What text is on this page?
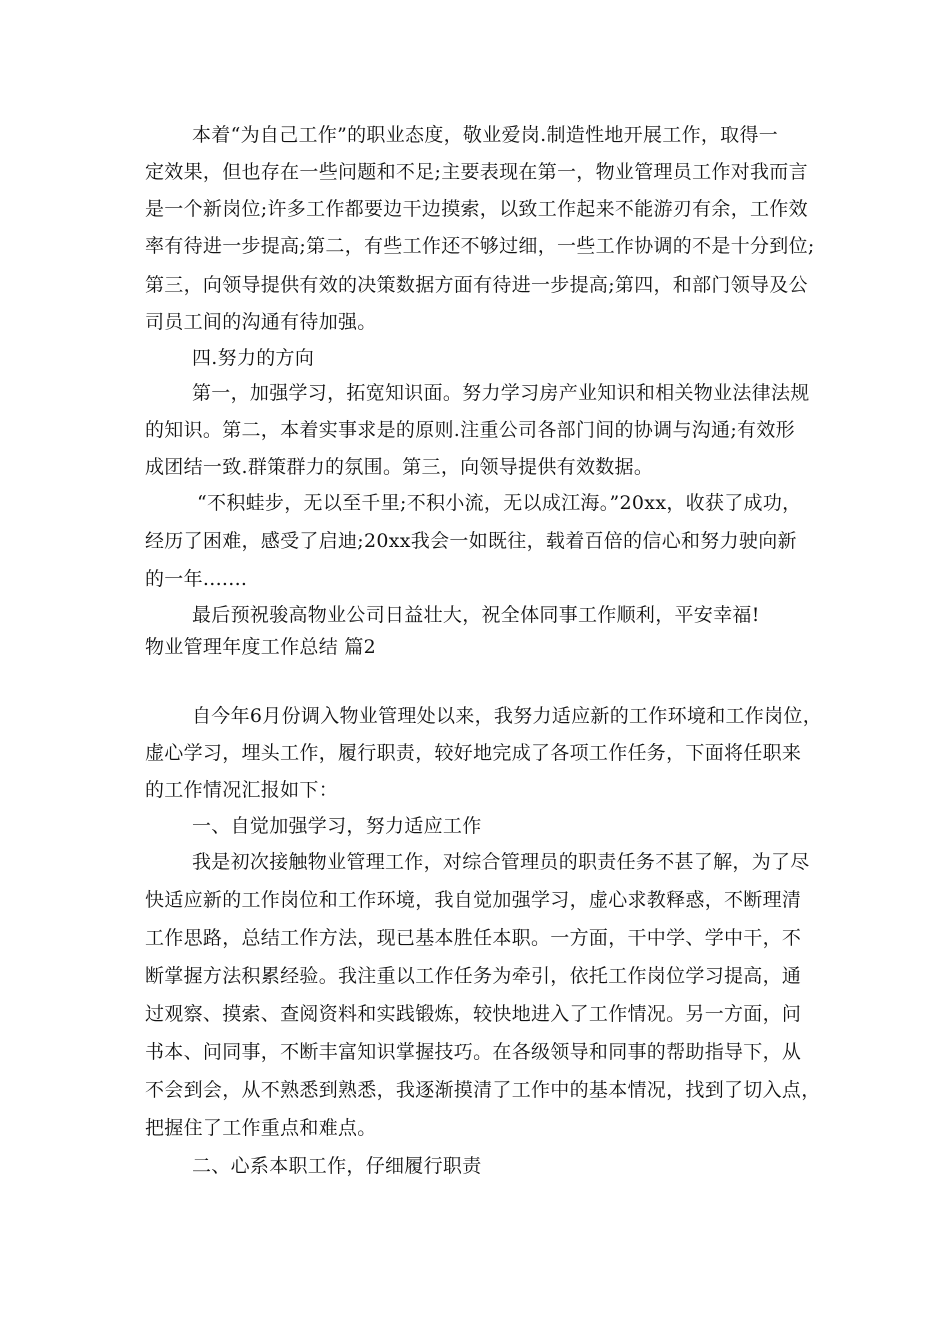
本着“为自己工作”的职业态度，敬业爱岗.制造性地开展工作，取得一
定效果，但也存在一些问题和不足;主要表现在第一，物业管理员工作对我而言
是一个新岗位;许多工作都要边干边摸索，以致工作起来不能游刃有余，工作效
率有待进一步提高;第二，有些工作还不够过细，一些工作协调的不是十分到位;
第三，向领导提供有效的决策数据方面有待进一步提高;第四，和部门领导及公
司员工间的沟通有待加强。
四.努力的方向
第一，加强学习，拓宽知识面。努力学习房产业知识和相关物业法律法规
的知识。第二，本着实事求是的原则.注重公司各部门间的协调与沟通;有效形
成团结一致.群策群力的氛围。第三，向领导提供有效数据。
“不积蛙步，无以至千里;不积小流，无以成江海。”20xx，收获了成功，
经历了困难，感受了启迪;20xx我会一如既往，载着百倍的信心和努力驶向新
的一年.......
最后预祝骏高物业公司日益壮大，祝全体同事工作顺利，平安幸福!
物业管理年度工作总结 篇2
自今年6月份调入物业管理处以来，我努力适应新的工作环境和工作岗位，
虚心学习，埋头工作，履行职责，较好地完成了各项工作任务，下面将任职来
的工作情况汇报如下：
一、自觉加强学习，努力适应工作
我是初次接触物业管理工作，对综合管理员的职责任务不甚了解，为了尽
快适应新的工作岗位和工作环境，我自觉加强学习，虚心求教释惑，不断理清
工作思路，总结工作方法，现已基本胜任本职。一方面，干中学、学中干，不
断掌握方法积累经验。我注重以工作任务为牵引，依托工作岗位学习提高，通
过观察、摸索、查阅资料和实践锻炼，较快地进入了工作情况。另一方面，问
书本、问同事，不断丰富知识掌握技巧。在各级领导和同事的帮助指导下，从
不会到会，从不熟悉到熟悉，我逐渐摸清了工作中的基本情况，找到了切入点，
把握住了工作重点和难点。
二、心系本职工作，仔细履行职责
